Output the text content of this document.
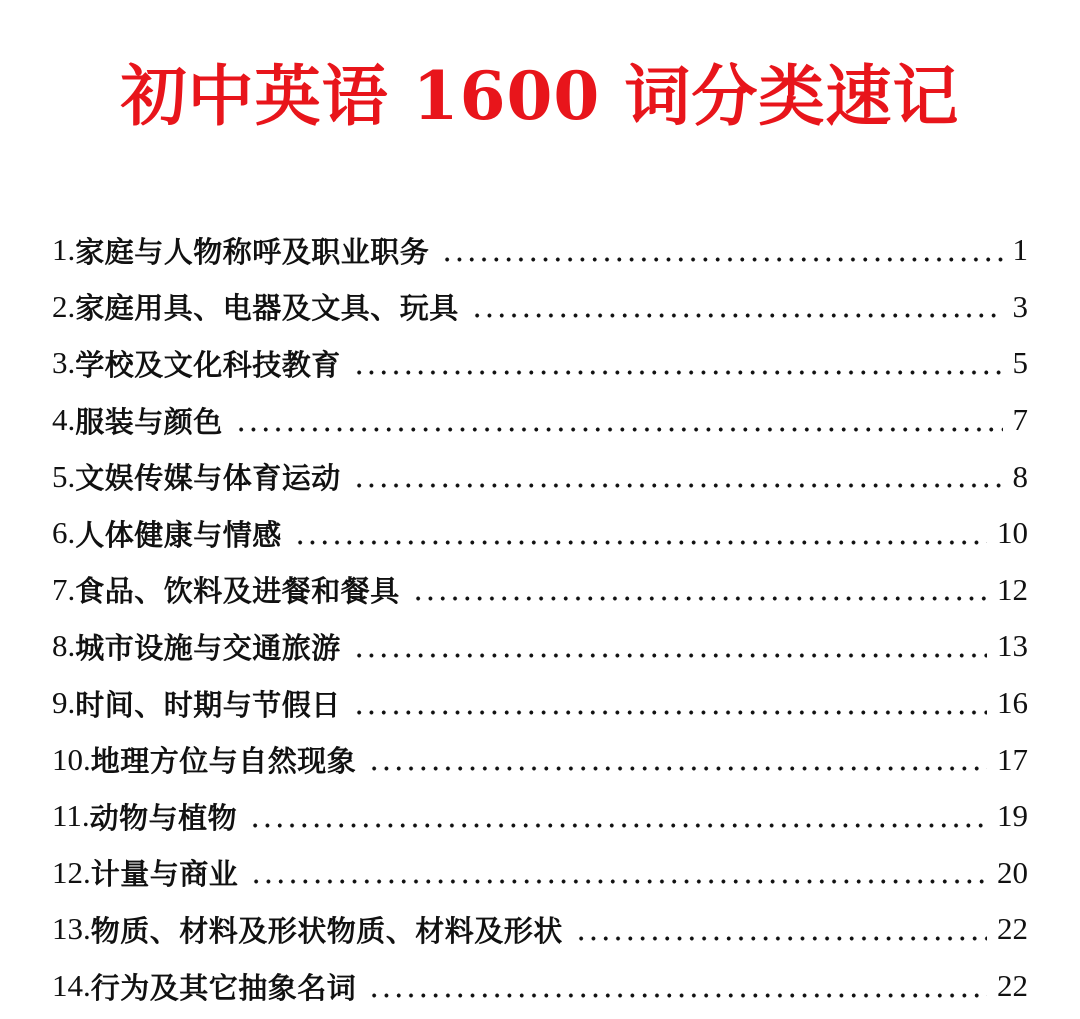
初中英语 1600 词分类速记
1. 家庭与人物称呼及职业职务	1
2. 家庭用具、电器及文具、玩具	3
3. 学校及文化科技教育	5
4. 服装与颜色	7
5. 文娱传媒与体育运动	8
6. 人体健康与情感	10
7. 食品、饮料及进餐和餐具	12
8. 城市设施与交通旅游	13
9. 时间、时期与节假日	16
10. 地理方位与自然现象	17
11. 动物与植物	19
12. 计量与商业	20
13. 物质、材料及形状物质、材料及形状	22
14. 行为及其它抽象名词	22
